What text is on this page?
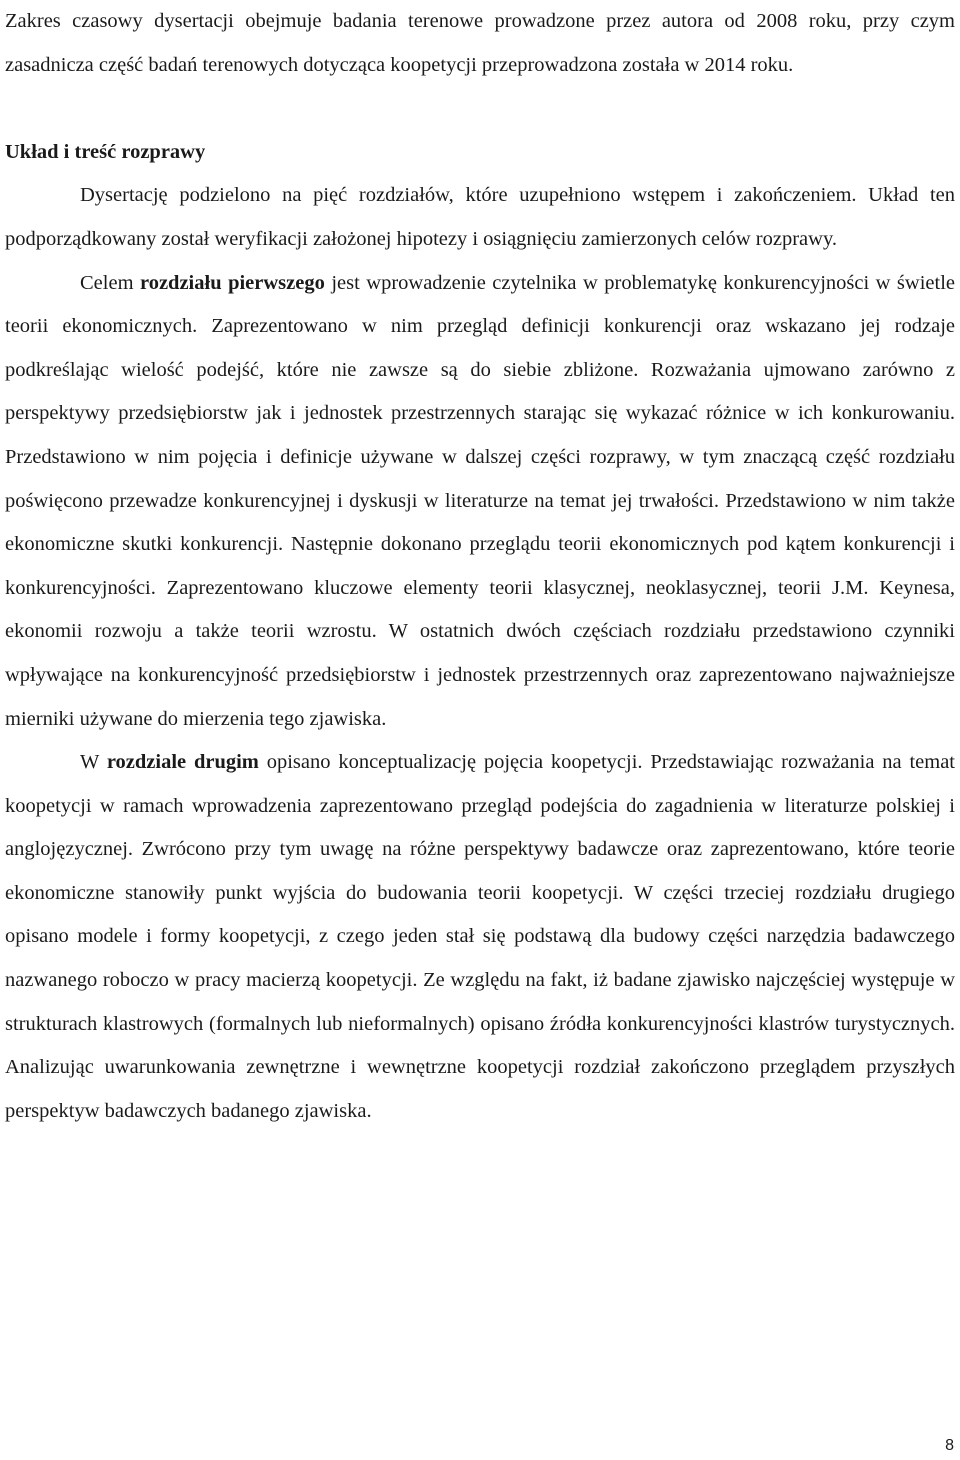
Zakres czasowy dysertacji obejmuje badania terenowe prowadzone przez autora od 2008 roku, przy czym zasadnicza część badań terenowych dotycząca koopetycji przeprowadzona została w 2014 roku.

Układ i treść rozprawy

Dysertację podzielono na pięć rozdziałów, które uzupełniono wstępem i zakończeniem. Układ ten podporządkowany został weryfikacji założonej hipotezy i osiągnięciu zamierzonych celów rozprawy.

Celem rozdziału pierwszego jest wprowadzenie czytelnika w problematykę konkurencyjności w świetle teorii ekonomicznych. Zaprezentowano w nim przegląd definicji konkurencji oraz wskazano jej rodzaje podkreślając wielość podejść, które nie zawsze są do siebie zbliżone. Rozważania ujmowano zarówno z perspektywy przedsiębiorstw jak i jednostek przestrzennych starając się wykazać różnice w ich konkurowaniu. Przedstawiono w nim pojęcia i definicje używane w dalszej części rozprawy, w tym znaczącą część rozdziału poświęcono przewadze konkurencyjnej i dyskusji w literaturze na temat jej trwałości. Przedstawiono w nim także ekonomiczne skutki konkurencji. Następnie dokonano przeglądu teorii ekonomicznych pod kątem konkurencji i konkurencyjności. Zaprezentowano kluczowe elementy teorii klasycznej, neoklasycznej, teorii J.M. Keynesa, ekonomii rozwoju a także teorii wzrostu. W ostatnich dwóch częściach rozdziału przedstawiono czynniki wpływające na konkurencyjność przedsiębiorstw i jednostek przestrzennych oraz zaprezentowano najważniejsze mierniki używane do mierzenia tego zjawiska.

W rozdziale drugim opisano konceptualizację pojęcia koopetycji. Przedstawiając rozważania na temat koopetycji w ramach wprowadzenia zaprezentowano przegląd podejścia do zagadnienia w literaturze polskiej i anglojęzycznej. Zwrócono przy tym uwagę na różne perspektywy badawcze oraz zaprezentowano, które teorie ekonomiczne stanowiły punkt wyjścia do budowania teorii koopetycji. W części trzeciej rozdziału drugiego opisano modele i formy koopetycji, z czego jeden stał się podstawą dla budowy części narzędzia badawczego nazwanego roboczo w pracy macierzą koopetycji. Ze względu na fakt, iż badane zjawisko najczęściej występuje w strukturach klastrowych (formalnych lub nieformalnych) opisano źródła konkurencyjności klastrów turystycznych. Analizując uwarunkowania zewnętrzne i wewnętrzne koopetycji rozdział zakończono przeglądem przyszłych perspektyw badawczych badanego zjawiska.

8
